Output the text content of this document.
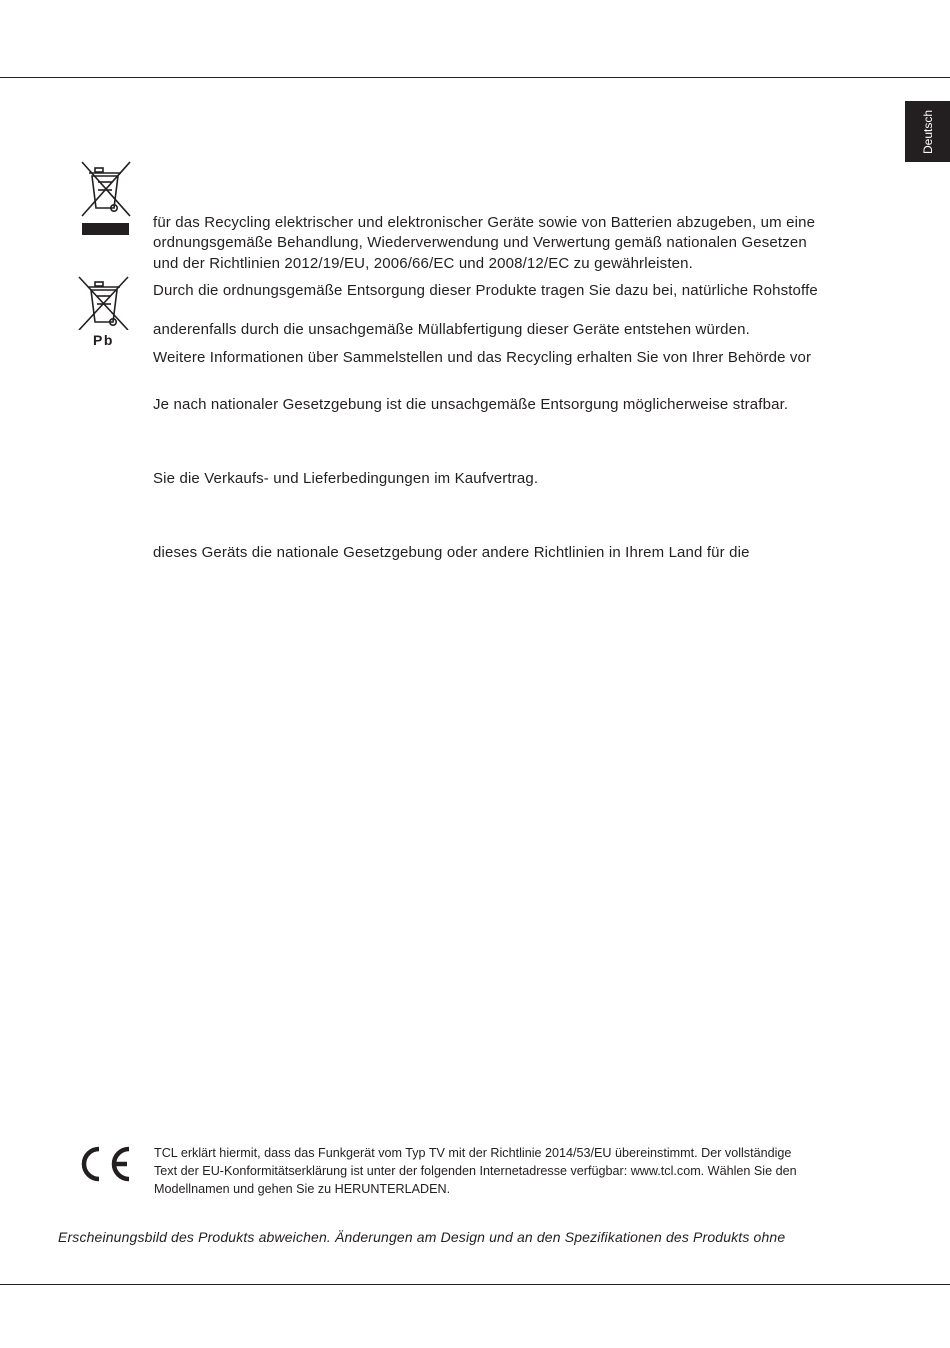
Deutsch
Pb
für das Recycling elektrischer und elektronischer Geräte sowie von Batterien abzugeben, um eine
ordnungsgemäße Behandlung, Wiederverwendung und Verwertung gemäß nationalen Gesetzen
und der Richtlinien 2012/19/EU, 2006/66/EC und 2008/12/EC zu gewährleisten.
Durch die ordnungsgemäße Entsorgung dieser Produkte tragen Sie dazu bei, natürliche Rohstoffe
anderenfalls durch die unsachgemäße Müllabfertigung dieser Geräte entstehen würden.
Weitere Informationen über Sammelstellen und das Recycling erhalten Sie von Ihrer Behörde vor
Je nach nationaler Gesetzgebung ist die unsachgemäße Entsorgung möglicherweise strafbar.
Sie die Verkaufs- und Lieferbedingungen im Kaufvertrag.
dieses Geräts die nationale Gesetzgebung oder andere Richtlinien in Ihrem Land für die
TCL erklärt hiermit, dass das Funkgerät vom Typ TV mit der Richtlinie 2014/53/EU übereinstimmt. Der vollständige
Text der EU-Konformitätserklärung ist unter der folgenden Internetadresse verfügbar: www.tcl.com. Wählen Sie den
Modellnamen und gehen Sie zu HERUNTERLADEN.
Erscheinungsbild des Produkts abweichen. Änderungen am Design und an den Spezifikationen des Produkts ohne
